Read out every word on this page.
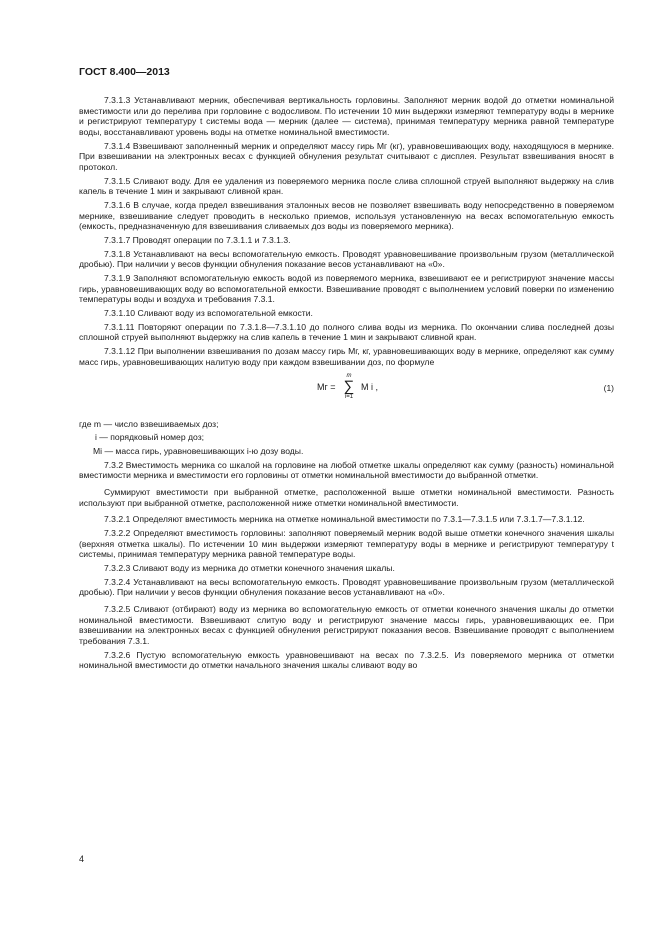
ГОСТ 8.400—2013

7.3.1.3 Устанавливают мерник, обеспечивая вертикальность горловины. Заполняют мерник водой до отметки номинальной вместимости или до перелива при горловине с водосливом. По истечении 10 мин выдержки измеряют температуру воды в мернике и регистрируют температуру t системы вода — мерник (далее — система), принимая температуру мерника равной температуре воды, восстанавливают уровень воды на отметке номинальной вместимости.

7.3.1.4 Взвешивают заполненный мерник и определяют массу гирь Mг (кг), уравновешивающих воду, находящуюся в мернике. При взвешивании на электронных весах с функцией обнуления результат считывают с дисплея. Результат взвешивания вносят в протокол.

7.3.1.5 Сливают воду. Для ее удаления из поверяемого мерника после слива сплошной струей выполняют выдержку на слив капель в течение 1 мин и закрывают сливной кран.

7.3.1.6 В случае, когда предел взвешивания эталонных весов не позволяет взвешивать воду непосредственно в поверяемом мернике, взвешивание следует проводить в несколько приемов, используя установленную на весах вспомогательную емкость (емкость, предназначенную для взвешивания сливаемых доз воды из поверяемого мерника).

7.3.1.7 Проводят операции по 7.3.1.1 и 7.3.1.3.

7.3.1.8 Устанавливают на весы вспомогательную емкость. Проводят уравновешивание произвольным грузом (металлической дробью). При наличии у весов функции обнуления показание весов устанавливают на «0».

7.3.1.9 Заполняют вспомогательную емкость водой из поверяемого мерника, взвешивают ее и регистрируют значение массы гирь, уравновешивающих воду во вспомогательной емкости. Взвешивание проводят с выполнением условий поверки по изменению температуры воды и воздуха и требования 7.3.1.

7.3.1.10 Сливают воду из вспомогательной емкости.

7.3.1.11 Повторяют операции по 7.3.1.8—7.3.1.10 до полного слива воды из мерника. По окончании слива последней дозы сплошной струей выполняют выдержку на слив капель в течение 1 мин и закрывают сливной кран.

7.3.1.12 При выполнении взвешивания по дозам массу гирь Mг, кг, уравновешивающих воду в мернике, определяют как сумму масс гирь, уравновешивающих налитую воду при каждом взвешивании доз, по формуле

Mг =
m
∑
i=1
M i ,	(1)

где m — число взвешиваемых доз;

i — порядковый номер доз;

Mi — масса гирь, уравновешивающих i-ю дозу воды.

7.3.2 Вместимость мерника со шкалой на горловине на любой отметке шкалы определяют как сумму (разность) номинальной вместимости мерника и вместимости его горловины от отметки номинальной вместимости до выбранной отметки.

Суммируют вместимости при выбранной отметке, расположенной выше отметки номинальной вместимости. Разность используют при выбранной отметке, расположенной ниже отметки номинальной вместимости.

7.3.2.1 Определяют вместимость мерника на отметке номинальной вместимости по 7.3.1—7.3.1.5 или 7.3.1.7—7.3.1.12.

7.3.2.2 Определяют вместимость горловины: заполняют поверяемый мерник водой выше отметки конечного значения шкалы (верхняя отметка шкалы). По истечении 10 мин выдержки измеряют температуру воды в мернике и регистрируют температуру t системы, принимая температуру мерника равной температуре воды.

7.3.2.3 Сливают воду из мерника до отметки конечного значения шкалы.

7.3.2.4 Устанавливают на весы вспомогательную емкость. Проводят уравновешивание произвольным грузом (металлической дробью). При наличии у весов функции обнуления показание весов устанавливают на «0».

7.3.2.5 Сливают (отбирают) воду из мерника во вспомогательную емкость от отметки конечного значения шкалы до отметки номинальной вместимости. Взвешивают слитую воду и регистрируют значение массы гирь, уравновешивающих ее. При взвешивании на электронных весах с функцией обнуления регистрируют показания весов. Взвешивание проводят с выполнением требования 7.3.1.

7.3.2.6 Пустую вспомогательную емкость уравновешивают на весах по 7.3.2.5. Из поверяемого мерника от отметки номинальной вместимости до отметки начального значения шкалы сливают воду во

4
